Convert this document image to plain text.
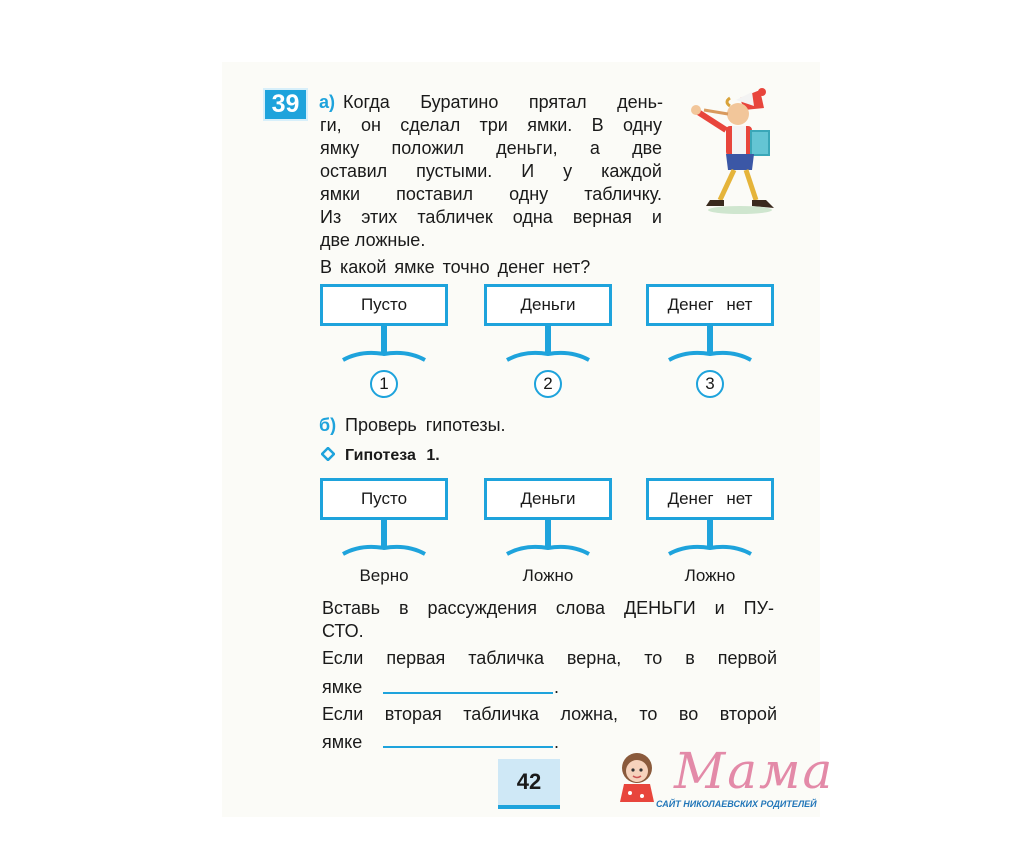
39	а) Когда Буратино прятал день-
ги, он сделал три ямки. В одну
ямку положил деньги, а две
оставил пустыми. И у каждой
ямки поставил одну табличку.
Из этих табличек одна верная и
две ложные.
В какой ямке точно денег нет?
Пусто	Деньги	Денег нет
1	2	3
б) Проверь гипотезы.
Гипотеза 1.
Пусто	Деньги	Денег нет
Верно	Ложно	Ложно
Вставь в рассуждения слова ДЕНЬГИ и ПУ-
СТО.
Если первая табличка верна, то в первой
ямке	.
Если вторая табличка ложна, то во второй
ямке	.
42	Мама
САЙТ НИКОЛАЕВСКИХ РОДИТЕЛЕЙ
